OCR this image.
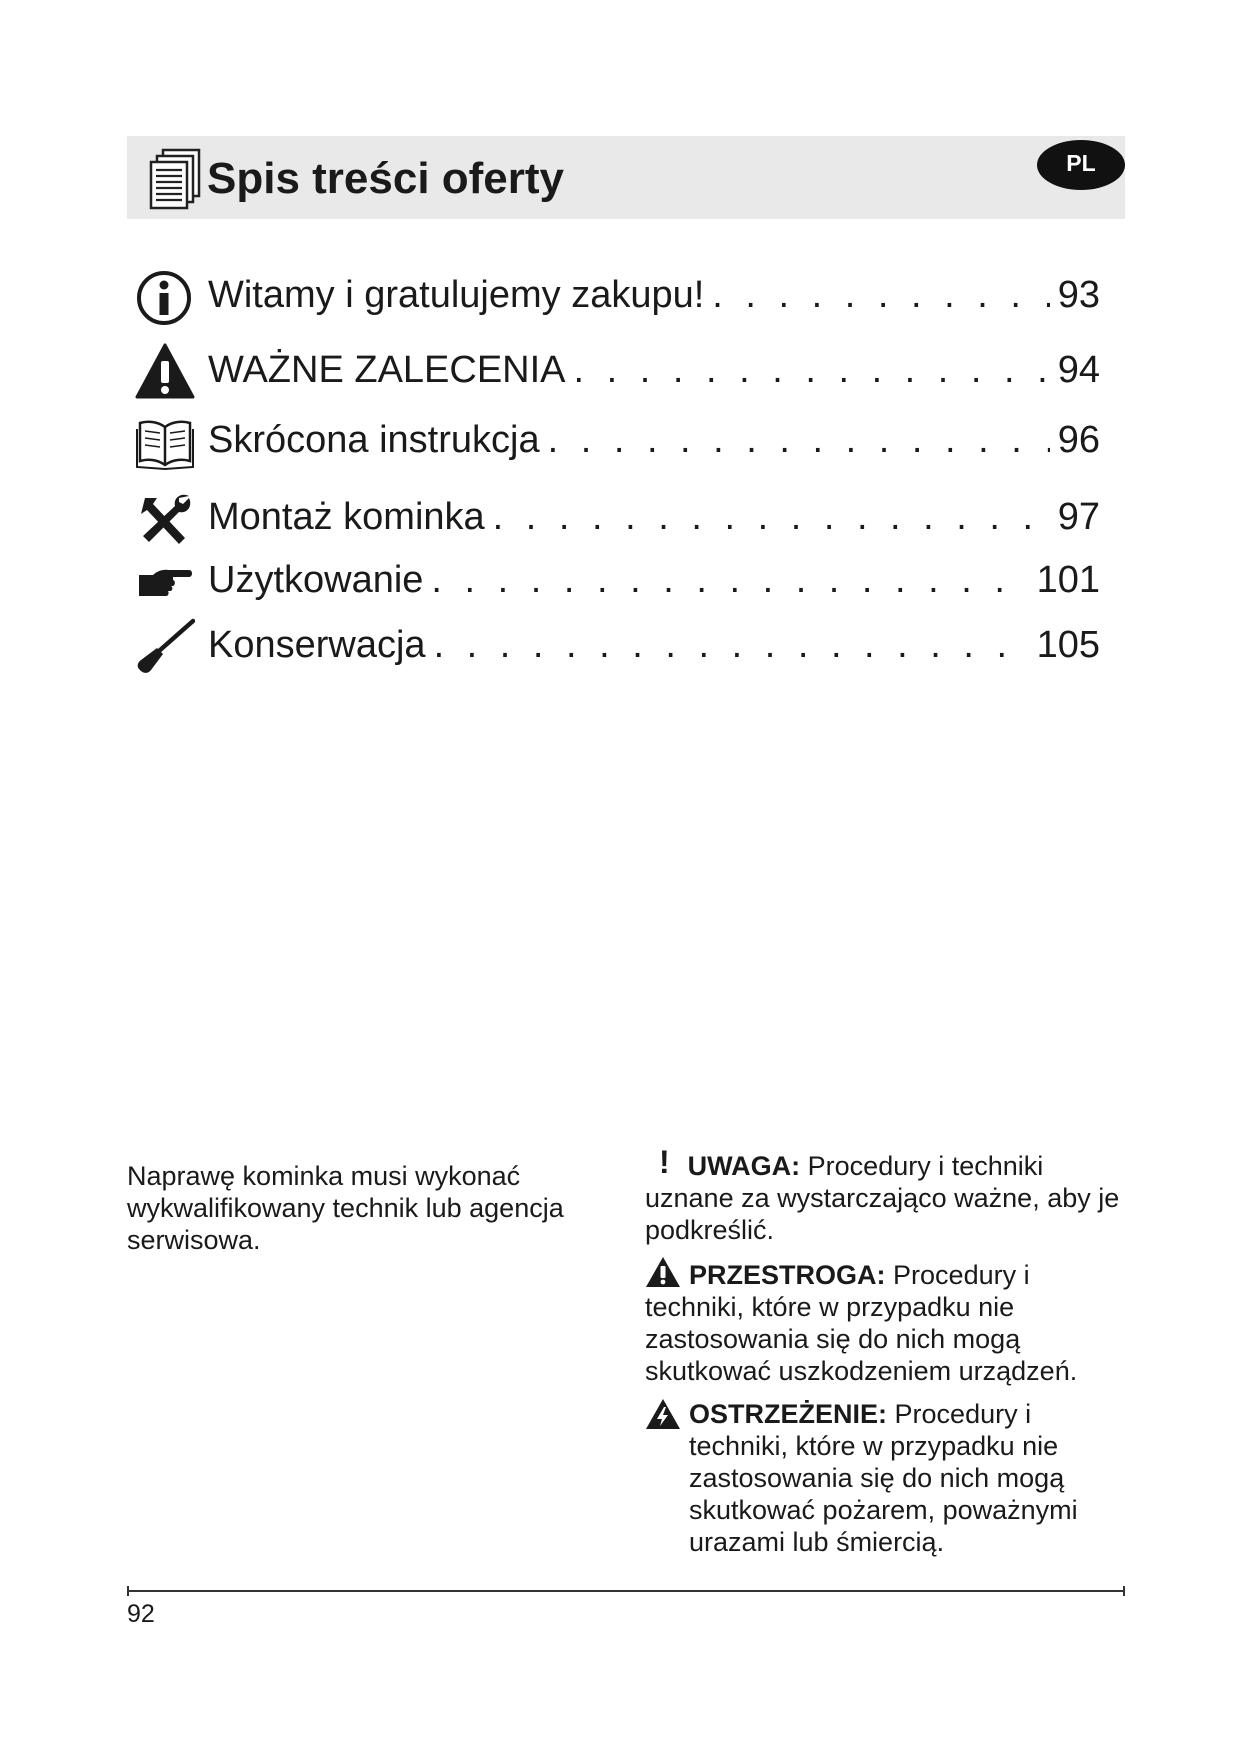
Spis treści oferty	PL
Witamy i gratulujemy zakupu! . . .	93
WAŻNE ZALECENIA . . .	94
Skrócona instrukcja . . .	96
Montaż kominka . . .	97
Użytkowanie . . .	101
Konserwacja . . .	105
Naprawę kominka musi wykonać wykwalifikowany technik lub agencja serwisowa.
! UWAGA: Procedury i techniki uznane za wystarczająco ważne, aby je podkreślić.
PRZESTROGA: Procedury i techniki, które w przypadku nie zastosowania się do nich mogą skutkować uszkodzeniem urządzeń.
OSTRZEŻENIE: Procedury i techniki, które w przypadku nie zastosowania się do nich mogą skutkować pożarem, poważnymi urazami lub śmiercią.
92
